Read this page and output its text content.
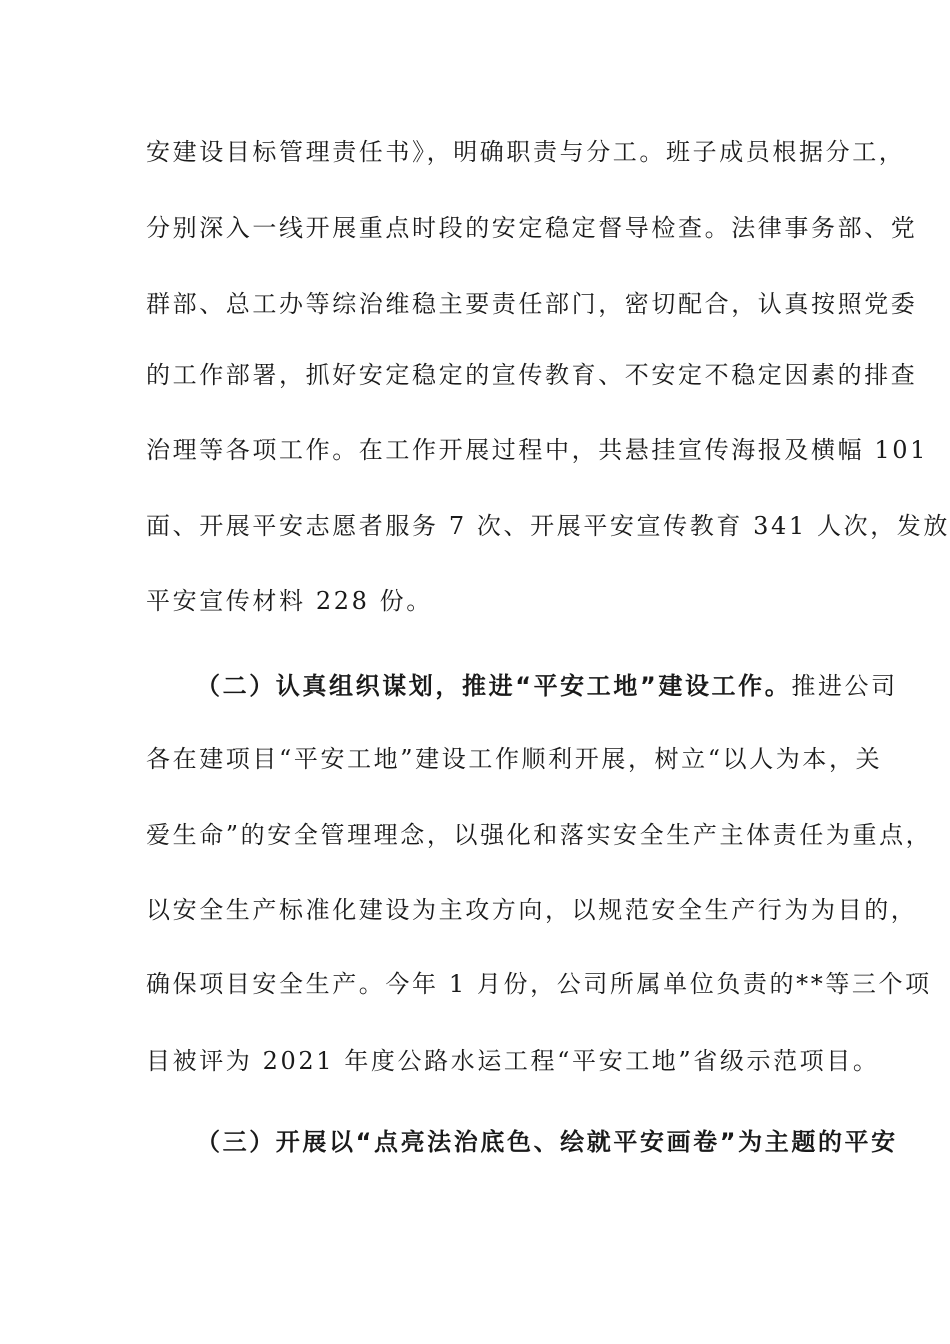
安建设目标管理责任书》，明确职责与分工。班子成员根据分工，
分别深入一线开展重点时段的安定稳定督导检查。法律事务部、党
群部、总工办等综治维稳主要责任部门，密切配合，认真按照党委
的工作部署，抓好安定稳定的宣传教育、不安定不稳定因素的排查
治理等各项工作。在工作开展过程中，共悬挂宣传海报及横幅 101
面、开展平安志愿者服务 7 次、开展平安宣传教育 341 人次，发放
平安宣传材料 228 份。
（二）认真组织谋划，推进“平安工地”建设工作。推进公司
各在建项目“平安工地”建设工作顺利开展，树立“以人为本，关
爱生命”的安全管理理念，以强化和落实安全生产主体责任为重点，
以安全生产标准化建设为主攻方向，以规范安全生产行为为目的，
确保项目安全生产。今年 1 月份，公司所属单位负责的**等三个项
目被评为 2021 年度公路水运工程“平安工地”省级示范项目。
（三）开展以“点亮法治底色、绘就平安画卷”为主题的平安
